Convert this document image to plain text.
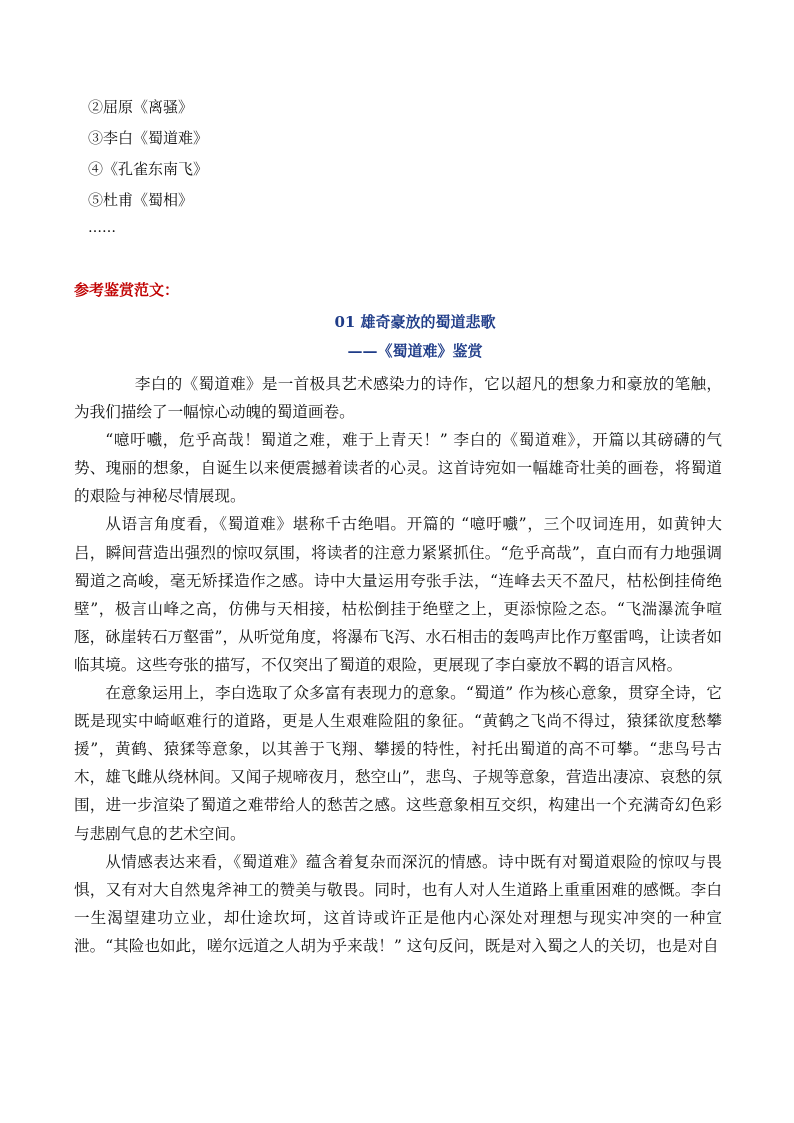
②屈原《离骚》
③李白《蜀道难》
④《孔雀东南飞》
⑤杜甫《蜀相》
……
参考鉴赏范文：
01 雄奇豪放的蜀道悲歌
——《蜀道难》鉴赏

李白的《蜀道难》是一首极具艺术感染力的诗作，它以超凡的想象力和豪放的笔触，为我们描绘了一幅惊心动魄的蜀道画卷。

“噫吁嚱，危乎高哉！蜀道之难，难于上青天！” 李白的《蜀道难》，开篇以其磅礴的气势、瑰丽的想象，自诞生以来便震撼着读者的心灵。这首诗宛如一幅雄奇壮美的画卷，将蜀道的艰险与神秘尽情展现。

从语言角度看，《蜀道难》堪称千古绝唱。开篇的 “噫吁嚱”，三个叹词连用，如黄钟大吕，瞬间营造出强烈的惊叹氛围，将读者的注意力紧紧抓住。“危乎高哉”，直白而有力地强调蜀道之高峻，毫无矫揉造作之感。诗中大量运用夸张手法，“连峰去天不盈尺，枯松倒挂倚绝壁”，极言山峰之高，仿佛与天相接，枯松倒挂于绝壁之上，更添惊险之态。“飞湍瀑流争喧豗，砯崖转石万壑雷”，从听觉角度，将瀑布飞泻、水石相击的轰鸣声比作万壑雷鸣，让读者如临其境。这些夸张的描写，不仅突出了蜀道的艰险，更展现了李白豪放不羁的语言风格。

在意象运用上，李白选取了众多富有表现力的意象。“蜀道” 作为核心意象，贯穿全诗，它既是现实中崎岖难行的道路，更是人生艰难险阻的象征。“黄鹤之飞尚不得过，猿猱欲度愁攀援”，黄鹤、猿猱等意象，以其善于飞翔、攀援的特性，衬托出蜀道的高不可攀。“悲鸟号古木，雄飞雌从绕林间。又闻子规啼夜月，愁空山”，悲鸟、子规等意象，营造出凄凉、哀愁的氛围，进一步渲染了蜀道之难带给人的愁苦之感。这些意象相互交织，构建出一个充满奇幻色彩与悲剧气息的艺术空间。

从情感表达来看，《蜀道难》蕴含着复杂而深沉的情感。诗中既有对蜀道艰险的惊叹与畏惧，又有对大自然鬼斧神工的赞美与敬畏。同时，也有人对人生道路上重重困难的感慨。李白一生渴望建功立业，却仕途坎坷，这首诗或许正是他内心深处对理想与现实冲突的一种宣泄。“其险也如此，嗟尔远道之人胡为乎来哉！” 这句反问，既是对入蜀之人的关切，也是对自
